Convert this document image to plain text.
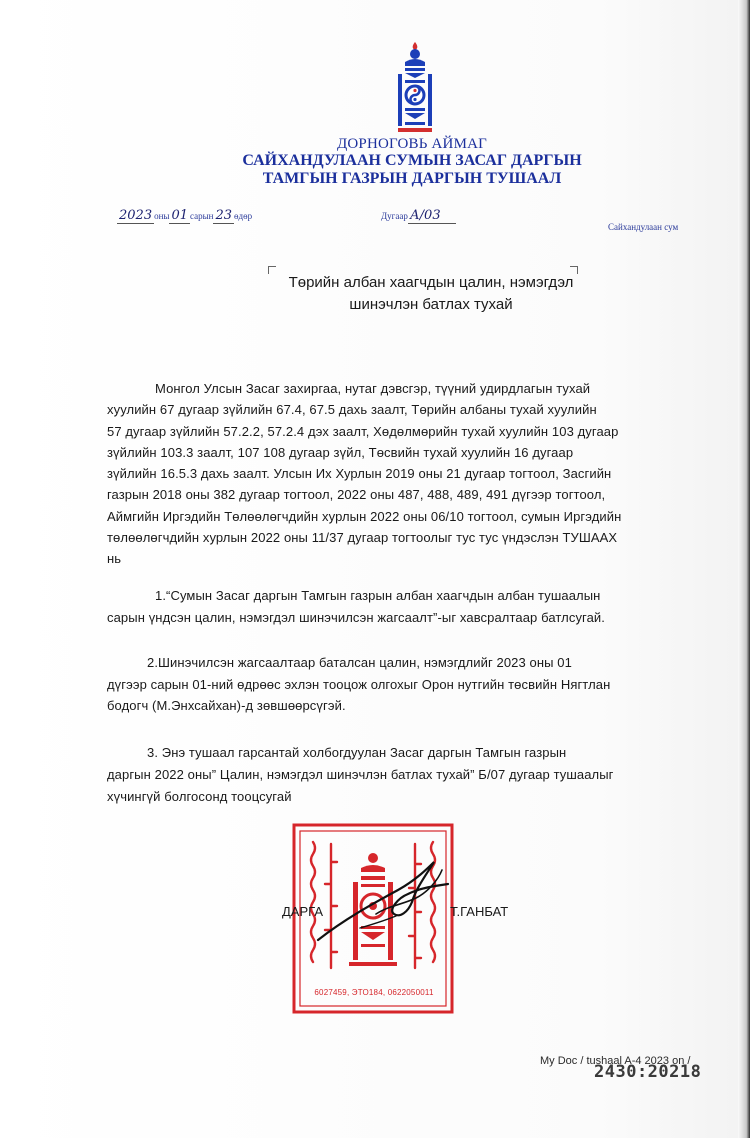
ДОРНОГОВЬ АЙМАГ
САЙХАНДУЛААН СУМЫН ЗАСАГ ДАРГЫН
ТАМГЫН ГАЗРЫН ДАРГЫН ТУШААЛ
2023 оны 01 сарын 23 өдөр	Дугаар А/03
Сайхандулаан сум
Төрийн албан хаагчдын цалин, нэмэгдэл
шинэчлэн батлах тухай
Монгол Улсын Засаг захиргаа, нутаг дэвсгэр, түүний удирдлагын тухай
хуулийн 67 дугаар зүйлийн 67.4, 67.5 дахь заалт, Төрийн албаны тухай хуулийн
57 дугаар зүйлийн 57.2.2, 57.2.4 дэх заалт, Хөдөлмөрийн тухай хуулийн 103 дугаар
зүйлийн 103.3 заалт, 107 108 дугаар зүйл, Төсвийн тухай хуулийн 16 дугаар
зүйлийн 16.5.3 дахь заалт. Улсын Их Хурлын 2019 оны 21 дугаар тогтоол, Засгийн
газрын 2018 оны 382 дугаар тогтоол, 2022 оны 487, 488, 489, 491 дүгээр тогтоол,
Аймгийн Иргэдийн Төлөөлөгчдийн хурлын 2022 оны 06/10 тогтоол, сумын Иргэдийн
төлөөлөгчдийн хурлын 2022 оны 11/37 дугаар тогтоолыг тус тус үндэслэн ТУШААХ
нь
1.“Сумын Засаг даргын Тамгын газрын албан хаагчдын албан тушаалын
сарын үндсэн цалин, нэмэгдэл шинэчилсэн жагсаалт”-ыг хавсралтаар батлсугай.
2.Шинэчилсэн жагсаалтаар баталсан цалин, нэмэгдлийг 2023 оны 01
дүгээр сарын 01-ний өдрөөс эхлэн тооцож олгохыг Орон нутгийн төсвийн Нягтлан
бодогч (М.Энхсайхан)-д зөвшөөрсүгэй.
3. Энэ тушаал гарсантай холбогдуулан Засаг даргын Тамгын газрын
даргын 2022 оны” Цалин, нэмэгдэл шинэчлэн батлах тухай” Б/07 дугаар тушаалыг
хүчингүй болгосонд тооцсугай
6027459, ЭТО184, 0622050011
ДАРГА	Т.ГАНБАТ
My Doc / tushaal A-4 2023 on /
2430:20218
